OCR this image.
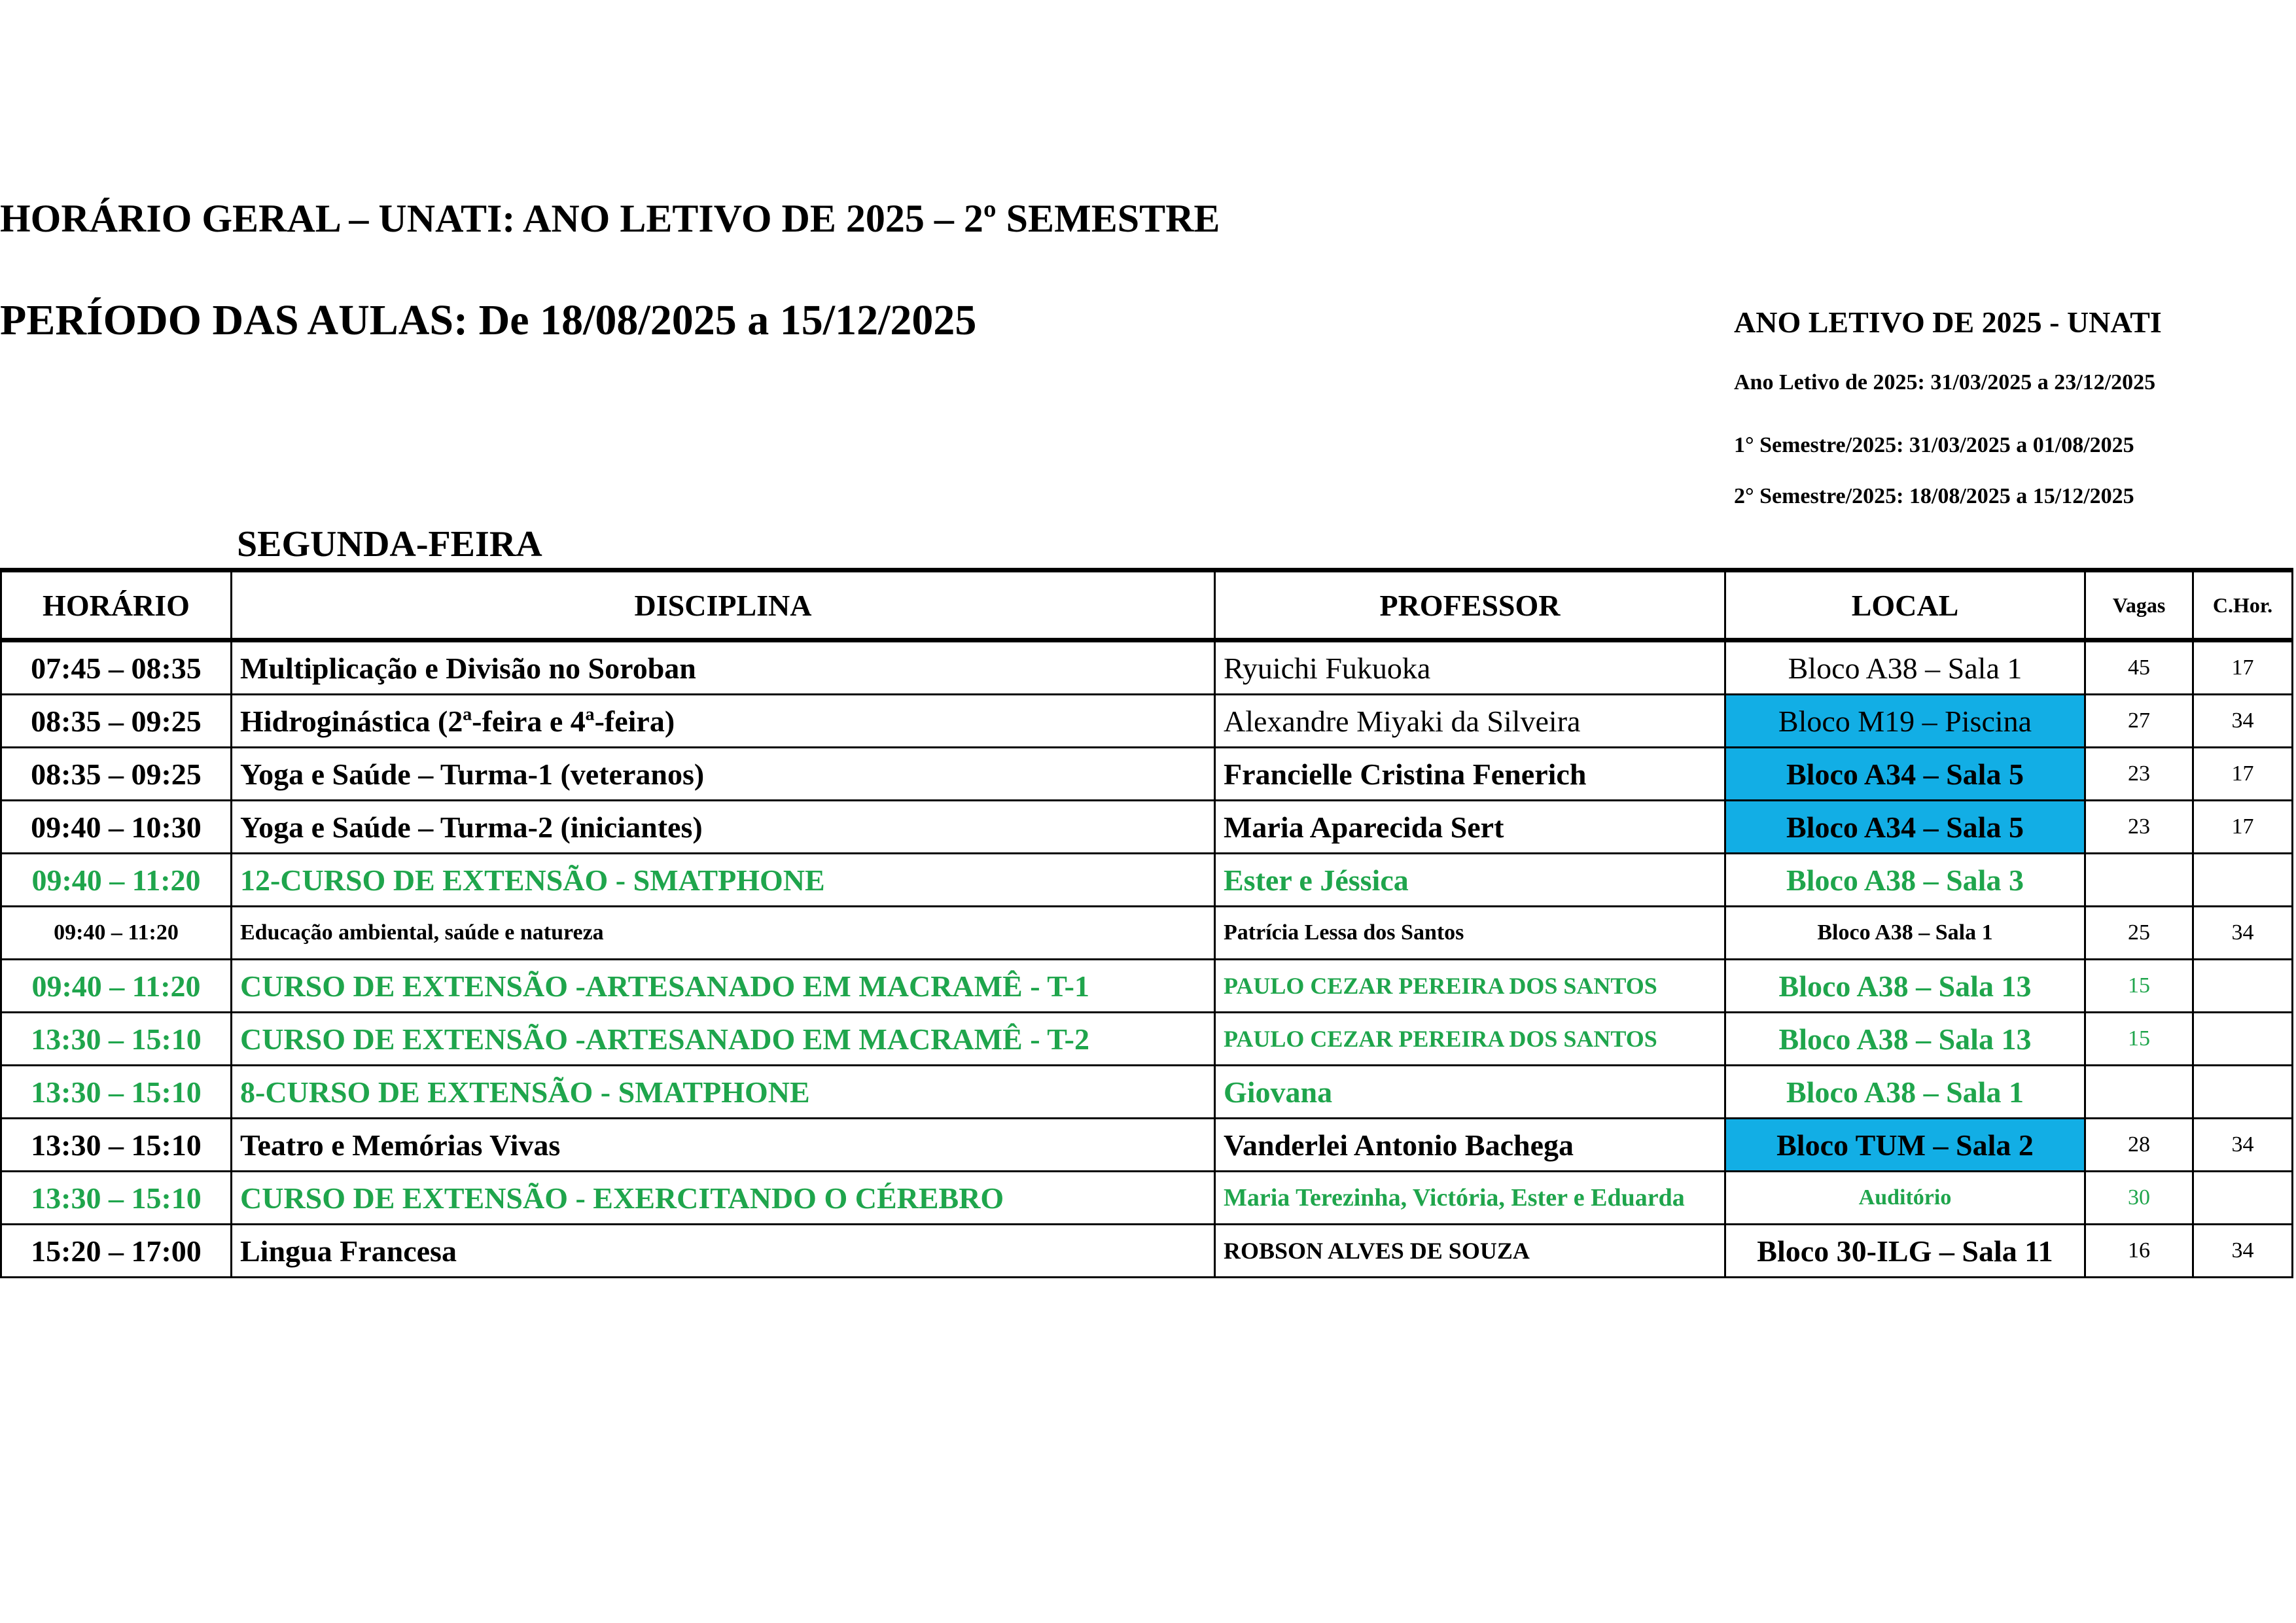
HORÁRIO GERAL – UNATI: ANO LETIVO DE 2025 – 2º SEMESTRE
PERÍODO DAS AULAS: De 18/08/2025 a 15/12/2025	ANO LETIVO DE 2025 - UNATI
Ano Letivo de 2025: 31/03/2025 a 23/12/2025
1° Semestre/2025: 31/03/2025 a 01/08/2025
2° Semestre/2025: 18/08/2025 a 15/12/2025
SEGUNDA-FEIRA
HORÁRIO	DISCIPLINA	PROFESSOR	LOCAL	Vagas	C.Hor.
07:45 – 08:35	Multiplicação e Divisão no Soroban	Ryuichi Fukuoka	Bloco A38 – Sala 1	45	17
08:35 – 09:25	Hidroginástica (2ª-feira e 4ª-feira)	Alexandre Miyaki da Silveira	Bloco M19 – Piscina	27	34
08:35 – 09:25	Yoga e Saúde – Turma-1 (veteranos)	Francielle Cristina Fenerich	Bloco A34 – Sala 5	23	17
09:40 – 10:30	Yoga e Saúde – Turma-2 (iniciantes)	Maria Aparecida Sert	Bloco A34 – Sala 5	23	17
09:40 – 11:20	12-CURSO DE EXTENSÃO - SMATPHONE	Ester e Jéssica	Bloco A38 – Sala 3		
09:40 – 11:20	Educação ambiental, saúde e natureza	Patrícia Lessa dos Santos	Bloco A38 – Sala 1	25	34
09:40 – 11:20	CURSO DE EXTENSÃO -ARTESANADO EM MACRAMÊ - T-1	PAULO CEZAR PEREIRA DOS SANTOS	Bloco A38 – Sala 13	15	
13:30 – 15:10	CURSO DE EXTENSÃO -ARTESANADO EM MACRAMÊ - T-2	PAULO CEZAR PEREIRA DOS SANTOS	Bloco A38 – Sala 13	15	
13:30 – 15:10	8-CURSO DE EXTENSÃO - SMATPHONE	Giovana	Bloco A38 – Sala 1		
13:30 – 15:10	Teatro e Memórias Vivas	Vanderlei Antonio Bachega	Bloco TUM – Sala 2	28	34
13:30 – 15:10	CURSO DE EXTENSÃO - EXERCITANDO O CÉREBRO	Maria Terezinha, Victória, Ester e Eduarda	Auditório	30	
15:20 – 17:00	Lingua Francesa	ROBSON ALVES DE SOUZA	Bloco 30-ILG – Sala 11	16	34
